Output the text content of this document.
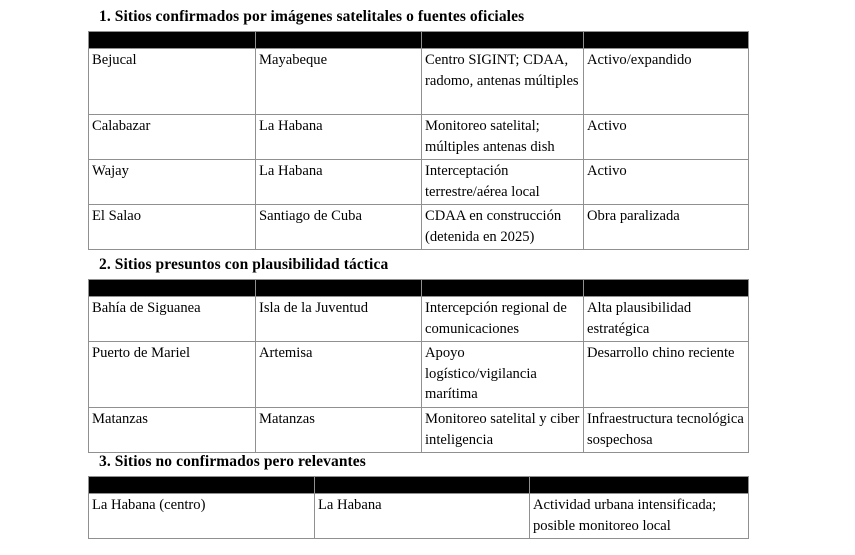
1. Sitios confirmados por imágenes satelitales o fuentes oficiales

Bejucal	Mayabeque	Centro SIGINT; CDAA, radomo, antenas múltiples	Activo/expandido
Calabazar	La Habana	Monitoreo satelital; múltiples antenas dish	Activo
Wajay	La Habana	Interceptación terrestre/aérea local	Activo
El Salao	Santiago de Cuba	CDAA en construcción (detenida en 2025)	Obra paralizada
2. Sitios presuntos con plausibilidad táctica

Bahía de Siguanea	Isla de la Juventud	Intercepción regional de comunicaciones	Alta plausibilidad estratégica
Puerto de Mariel	Artemisa	Apoyo logístico/vigilancia marítima	Desarrollo chino reciente
Matanzas	Matanzas	Monitoreo satelital y ciber inteligencia	Infraestructura tecnológica sospechosa
3. Sitios no confirmados pero relevantes

La Habana (centro)	La Habana	Actividad urbana intensificada; posible monitoreo local
